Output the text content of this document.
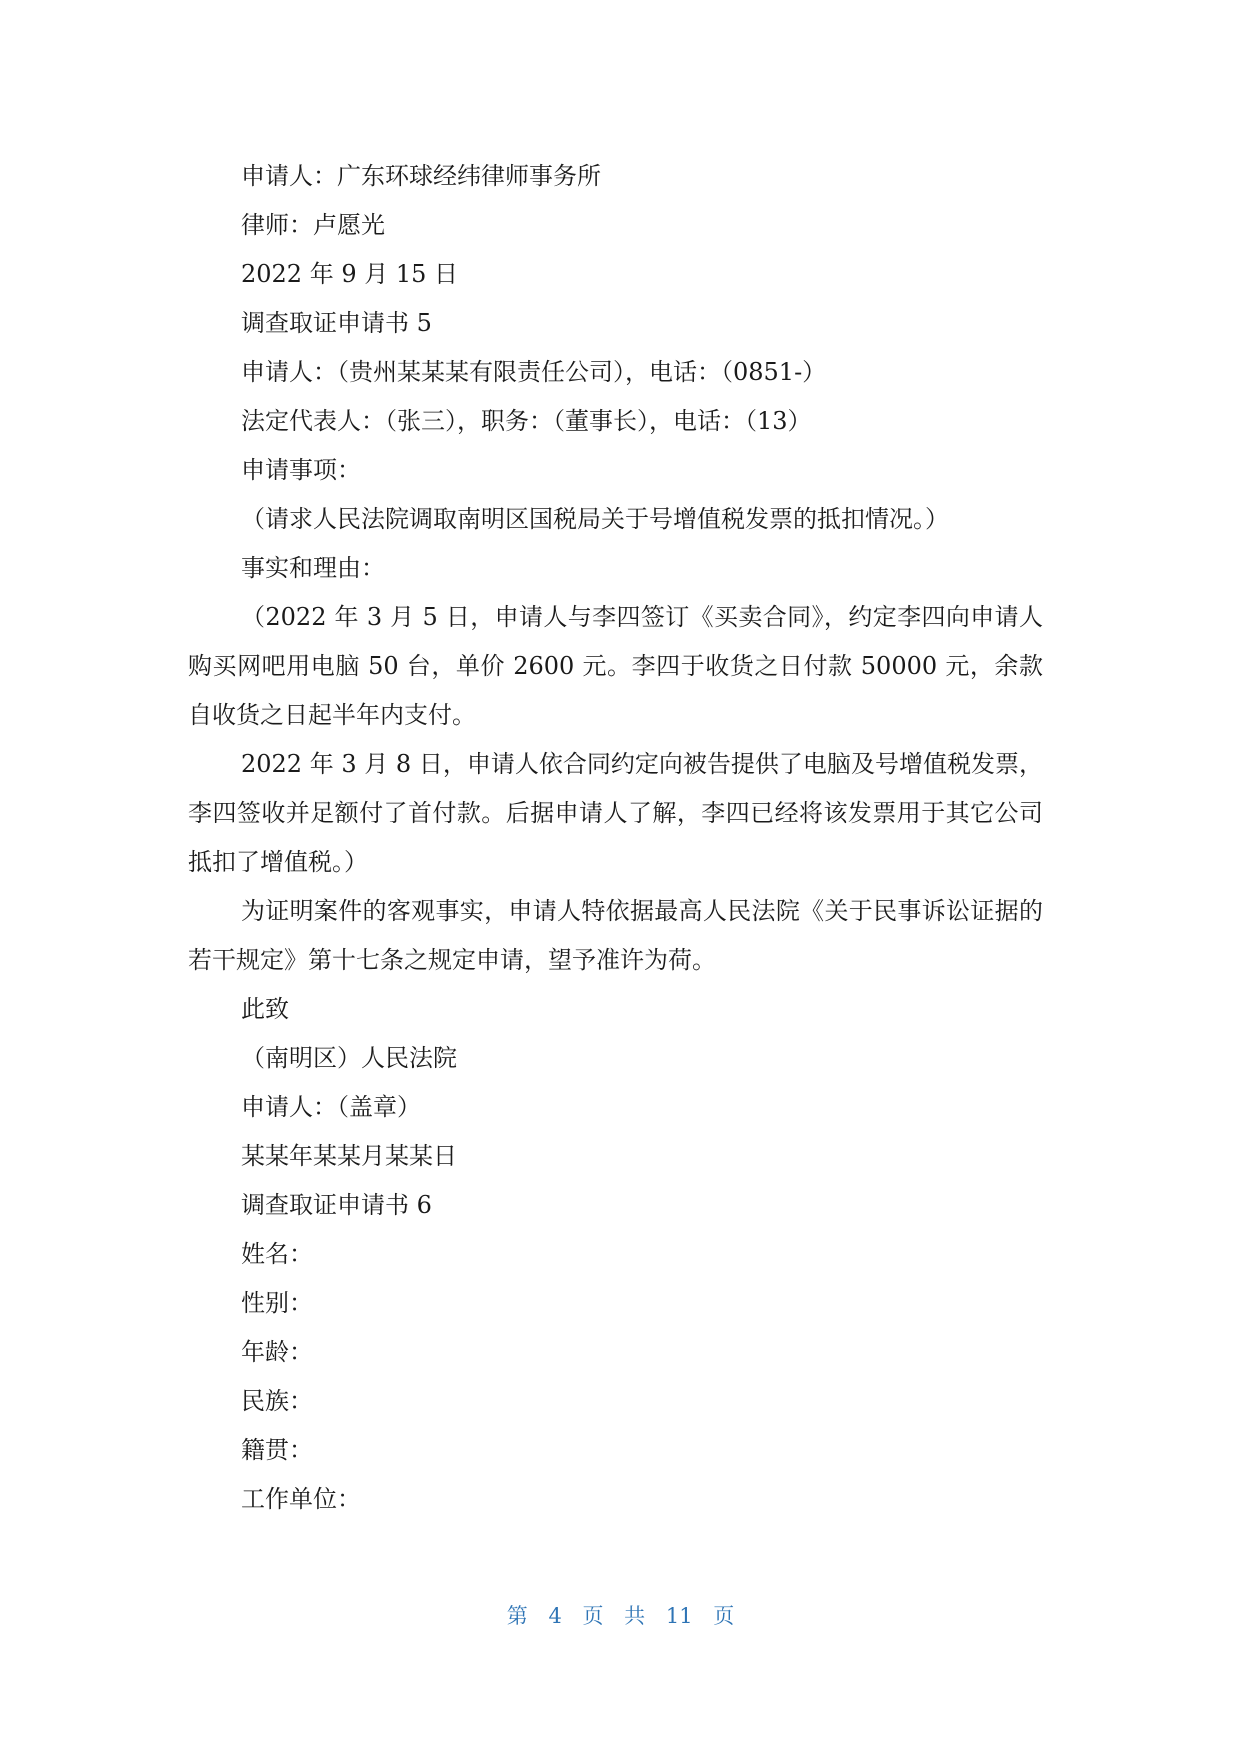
申请人：广东环球经纬律师事务所

律师：卢愿光

2022 年 9 月 15 日

调查取证申请书 5

申请人：（贵州某某某有限责任公司），电话：（0851-）

法定代表人：（张三），职务：（董事长），电话：（13）

申请事项：

（请求人民法院调取南明区国税局关于号增值税发票的抵扣情况。）

事实和理由：

（2022 年 3 月 5 日，申请人与李四签订《买卖合同》，约定李四向申请人购买网吧用电脑 50 台，单价 2600 元。李四于收货之日付款 50000 元，余款自收货之日起半年内支付。

2022 年 3 月 8 日，申请人依合同约定向被告提供了电脑及号增值税发票，李四签收并足额付了首付款。后据申请人了解，李四已经将该发票用于其它公司抵扣了增值税。）

为证明案件的客观事实，申请人特依据最高人民法院《关于民事诉讼证据的若干规定》第十七条之规定申请，望予准许为荷。

此致

（南明区）人民法院

申请人：（盖章）

某某年某某月某某日

调查取证申请书 6

姓名：

性别：

年龄：

民族：

籍贯：

工作单位：

第 4 页 共 11 页
